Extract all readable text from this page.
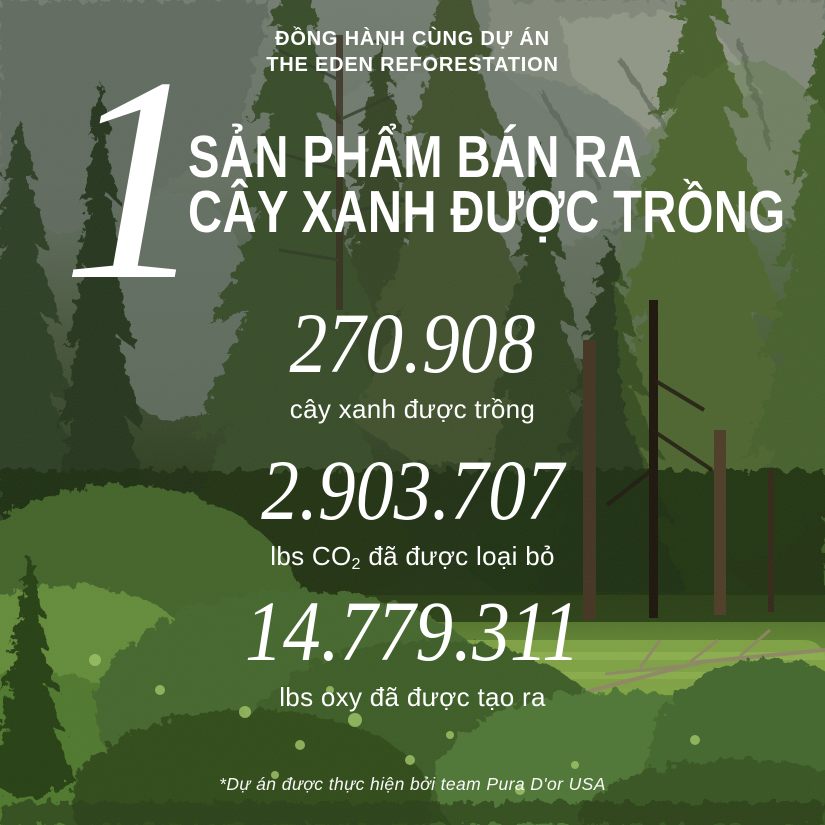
ĐỒNG HÀNH CÙNG DỰ ÁN
THE EDEN REFORESTATION
1
SẢN PHẨM BÁN RA
CÂY XANH ĐƯỢC TRỒNG
270.908
cây xanh được trồng
2.903.707
lbs CO2 đã được loại bỏ
14.779.311
lbs oxy đã được tạo ra
*Dự án được thực hiện bởi team Pura D'or USA
